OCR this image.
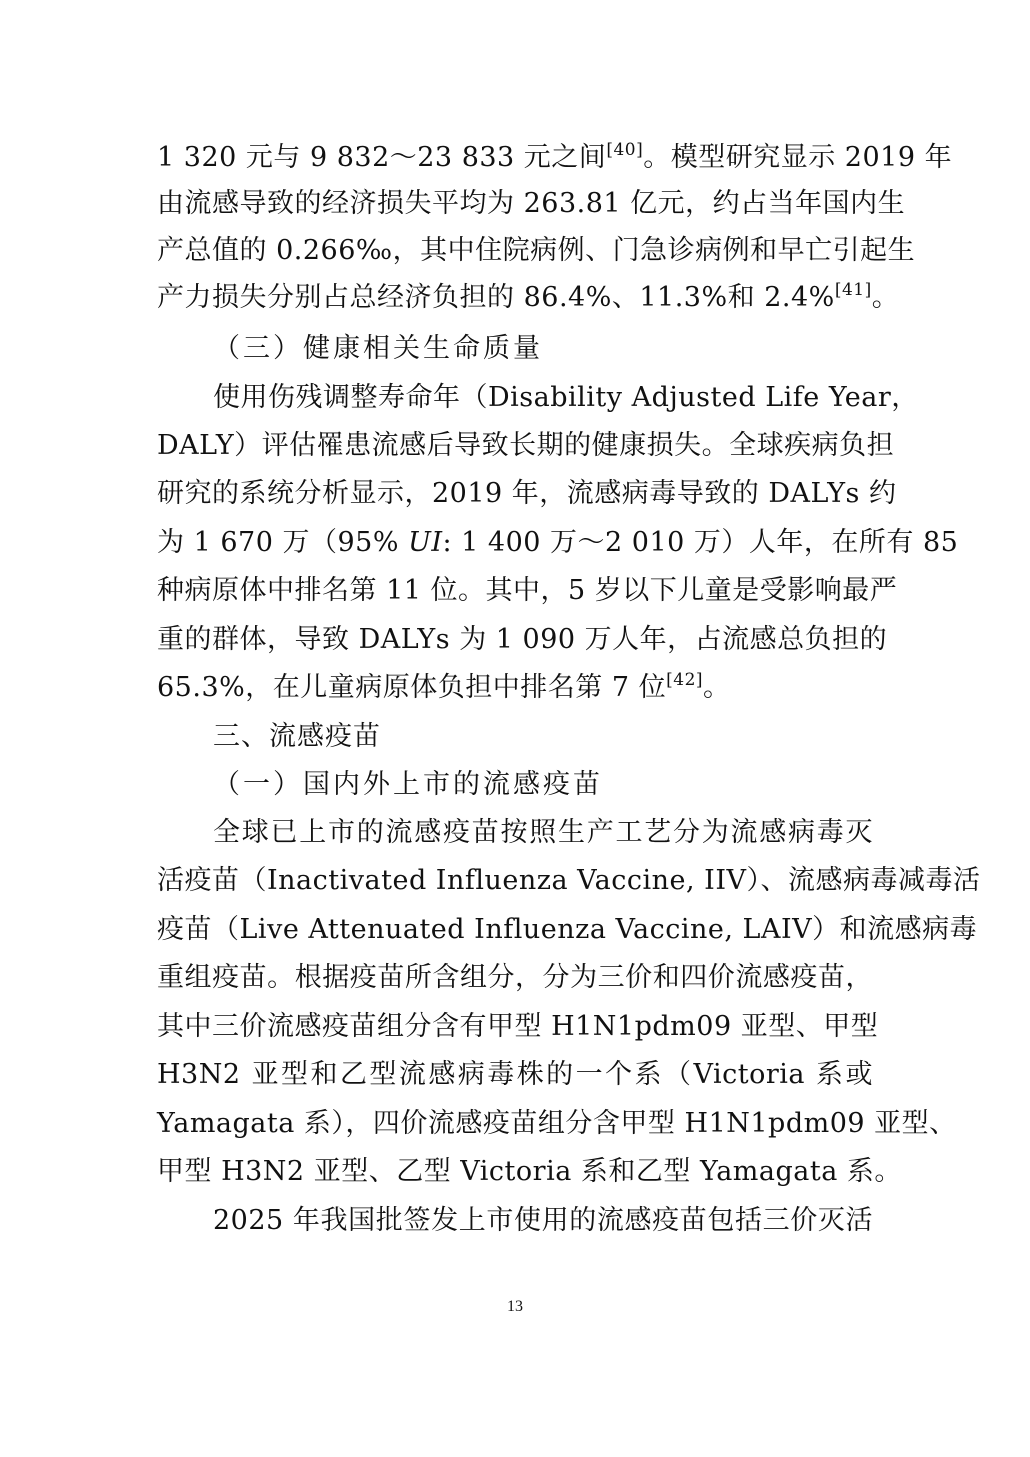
1 320 元与 9 832～23 833 元之间[40]。模型研究显示 2019 年
由流感导致的经济损失平均为 263.81 亿元，约占当年国内生
产总值的 0.266‰，其中住院病例、门急诊病例和早亡引起生
产力损失分别占总经济负担的 86.4%、11.3%和 2.4%[41]。
（三）健康相关生命质量
使用伤残调整寿命年（Disability Adjusted Life Year，
DALY）评估罹患流感后导致长期的健康损失。全球疾病负担
研究的系统分析显示，2019 年，流感病毒导致的 DALYs 约
为 1 670 万（95% UI: 1 400 万～2 010 万）人年，在所有 85
种病原体中排名第 11 位。其中，5 岁以下儿童是受影响最严
重的群体，导致 DALYs 为 1 090 万人年，占流感总负担的
65.3%，在儿童病原体负担中排名第 7 位[42]。
三、流感疫苗
（一）国内外上市的流感疫苗
全球已上市的流感疫苗按照生产工艺分为流感病毒灭
活疫苗（Inactivated Influenza Vaccine, IIV）、流感病毒减毒活
疫苗（Live Attenuated Influenza Vaccine, LAIV）和流感病毒
重组疫苗。根据疫苗所含组分，分为三价和四价流感疫苗，
其中三价流感疫苗组分含有甲型 H1N1pdm09 亚型、甲型
H3N2 亚型和乙型流感病毒株的一个系（Victoria 系或
Yamagata 系），四价流感疫苗组分含甲型 H1N1pdm09 亚型、
甲型 H3N2 亚型、乙型 Victoria 系和乙型 Yamagata 系。
2025 年我国批签发上市使用的流感疫苗包括三价灭活
13
